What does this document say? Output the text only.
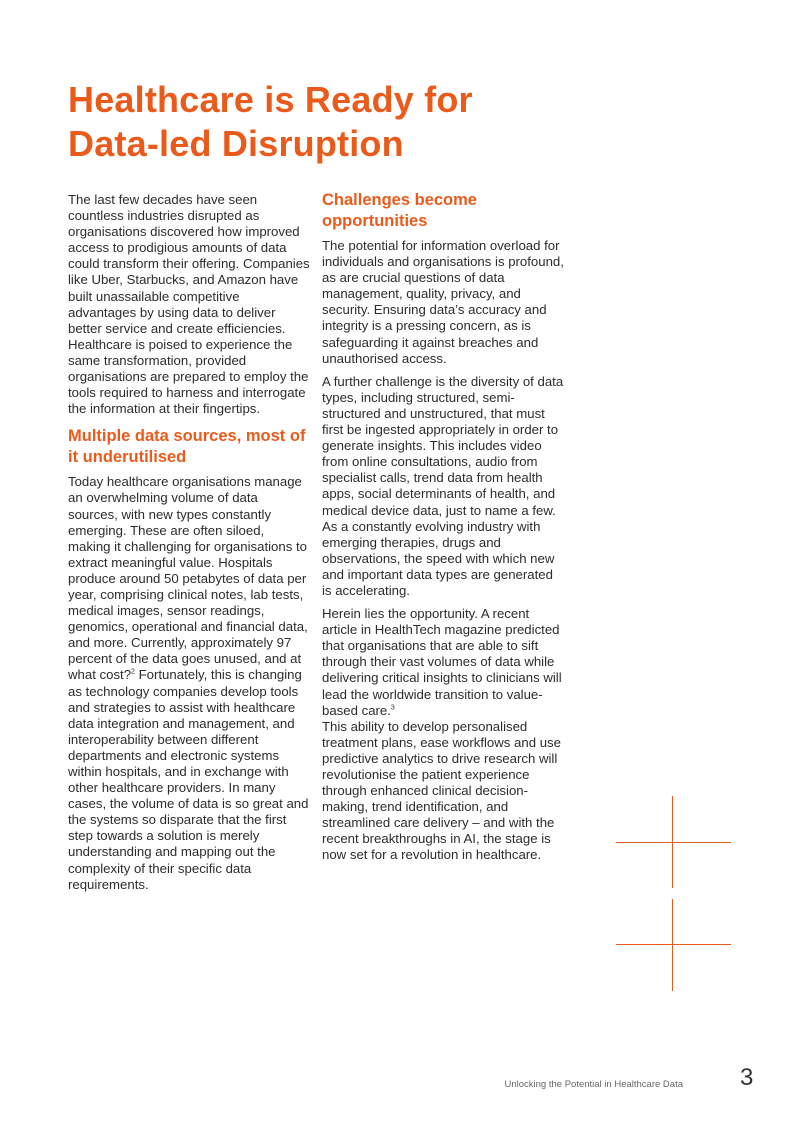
Healthcare is Ready for
Data-led Disruption

The last few decades have seen countless industries disrupted as organisations discovered how improved access to prodigious amounts of data could transform their offering. Companies like Uber, Starbucks, and Amazon have built unassailable competitive advantages by using data to deliver better service and create efficiencies. Healthcare is poised to experience the same transformation, provided organisations are prepared to employ the tools required to harness and interrogate the information at their fingertips.

Multiple data sources, most of it underutilised

Today healthcare organisations manage an overwhelming volume of data sources, with new types constantly emerging. These are often siloed, making it challenging for organisations to extract meaningful value. Hospitals produce around 50 petabytes of data per year, comprising clinical notes, lab tests, medical images, sensor readings, genomics, operational and financial data, and more. Currently, approximately 97 percent of the data goes unused, and at what cost?$^2$ Fortunately, this is changing as technology companies develop tools and strategies to assist with healthcare data integration and management, and interoperability between different departments and electronic systems within hospitals, and in exchange with other healthcare providers. In many cases, the volume of data is so great and the systems so disparate that the first step towards a solution is merely understanding and mapping out the complexity of their specific data requirements.

Challenges become opportunities

The potential for information overload for individuals and organisations is profound, as are crucial questions of data management, quality, privacy, and security. Ensuring data’s accuracy and integrity is a pressing concern, as is safeguarding it against breaches and unauthorised access.

A further challenge is the diversity of data types, including structured, semi-structured and unstructured, that must first be ingested appropriately in order to generate insights. This includes video from online consultations, audio from specialist calls, trend data from health apps, social determinants of health, and medical device data, just to name a few. As a constantly evolving industry with emerging therapies, drugs and observations, the speed with which new and important data types are generated is accelerating.

Herein lies the opportunity. A recent article in HealthTech magazine predicted that organisations that are able to sift through their vast volumes of data while delivering critical insights to clinicians will lead the worldwide transition to value-based care.$^3$
This ability to develop personalised treatment plans, ease workflows and use predictive analytics to drive research will revolutionise the patient experience through enhanced clinical decision-making, trend identification, and streamlined care delivery – and with the recent breakthroughs in AI, the stage is now set for a revolution in healthcare.

Unlocking the Potential in Healthcare Data 3
